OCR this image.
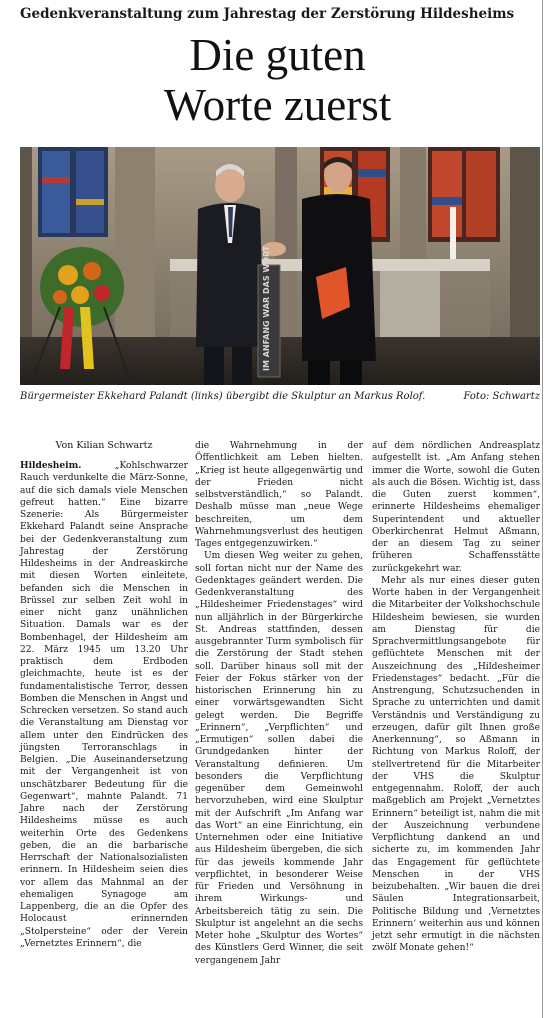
Gedenkveranstaltung zum Jahrestag der Zerstörung Hildesheims
Die guten
Worte zuerst
IM ANFANG WAR DAS WORT
Bürgermeister Ekkehard Palandt (links) übergibt die Skulptur an Markus Rolof.	Foto: Schwartz
Von Kilian Schwartz

Hildesheim.	„Kohlschwarzer Rauch verdunkelte die März-Sonne, auf die sich damals viele Menschen gefreut hatten.“ Eine bizarre Szenerie: Als Bürgermeister Ekkehard Palandt seine Ansprache bei der Gedenkveranstaltung zum Jahrestag der Zerstörung Hildesheims in der Andreaskirche mit diesen Worten einleitete, befanden sich die Menschen in Brüssel zur selben Zeit wohl in einer nicht ganz unähnlichen Situation. Damals war es der Bombenhagel, der Hildesheim am 22. März 1945 um 13.20 Uhr praktisch dem Erdboden gleichmachte, heute ist es der fundamentalistische Terror, dessen Bomben die Menschen in Angst und Schrecken versetzen. So stand auch die Veranstaltung am Dienstag vor allem unter den Eindrücken des jüngsten Terroranschlags in Belgien. „Die Auseinandersetzung mit der Vergangenheit ist von unschätzbarer Bedeutung für die Gegenwart“, mahnte Palandt. 71 Jahre nach der Zerstörung Hildesheims müsse es auch weiterhin Orte des Gedenkens geben, die an die barbarische Herrschaft der Nationalsozialisten erinnern. In Hildesheim seien dies vor allem das Mahnmal an der ehemaligen Synagoge am Lappenberg, die an die Opfer des Holocaust erinnernden „Stolpersteine“ oder der Verein „Vernetztes Erinnern“, die

die Wahrnehmung in der Öffentlichkeit am Leben hielten. „Krieg ist heute allgegenwärtig und der Frieden nicht selbstverständlich,“ so Palandt. Deshalb müsse man „neue Wege beschreiten, um dem Wahrnehmungsverlust des heutigen Tages entgegenzuwirken.“

Um diesen Weg weiter zu gehen, soll fortan nicht nur der Name des Gedenktages geändert werden. Die Gedenkveranstaltung des „Hildesheimer Friedenstages“ wird nun alljährlich in der Bürgerkirche St. Andreas stattfinden, dessen ausgebrannter Turm symbolisch für die Zerstörung der Stadt stehen soll. Darüber hinaus soll mit der Feier der Fokus stärker von der historischen Erinnerung hin zu einer vorwärtsgewandten Sicht gelegt werden. Die Begriffe „Erinnern“, „Verpflichten“ und „Ermutigen“ sollen dabei die Grundgedanken hinter der Veranstaltung definieren. Um besonders die Verpflichtung gegenüber dem Gemeinwohl hervorzuheben, wird eine Skulptur mit der Aufschrift „Im Anfang war das Wort“ an eine Einrichtung, ein Unternehmen oder eine Initiative aus Hildesheim übergeben, die sich für das jeweils kommende Jahr verpflichtet, in besonderer Weise für Frieden und Versöhnung in ihrem Wirkungs- und Arbeitsbereich tätig zu sein. Die Skulptur ist angelehnt an die sechs Meter hohe „Skulptur des Wortes“ des Künstlers Gerd Winner, die seit vergangenem Jahr

auf dem nördlichen Andreasplatz aufgestellt ist. „Am Anfang stehen immer die Worte, sowohl die Guten als auch die Bösen. Wichtig ist, dass die Guten zuerst kommen“, erinnerte Hildesheims ehemaliger Superintendent und aktueller Oberkirchenrat Helmut Aßmann, der an diesem Tag zu seiner früheren Schaffensstätte zurückgekehrt war.

Mehr als nur eines dieser guten Worte haben in der Vergangenheit die Mitarbeiter der Volkshochschule Hildesheim bewiesen, sie wurden am Dienstag für die Sprachvermittlungsangebote für geflüchtete Menschen mit der Auszeichnung des „Hildesheimer Friedenstages“ bedacht. „Für die Anstrengung, Schutzsuchenden in Sprache zu unterrichten und damit Verständnis und Verständigung zu erzeugen, dafür gilt Ihnen große Anerkennung“, so Aßmann in Richtung von Markus Roloff, der stellvertretend für die Mitarbeiter der VHS die Skulptur entgegennahm. Roloff, der auch maßgeblich am Projekt „Vernetztes Erinnern“ beteiligt ist, nahm die mit der Auszeichnung verbundene Verpflichtung dankend an und sicherte zu, im kommenden Jahr das Engagement für geflüchtete Menschen in der VHS beizubehalten. „Wir bauen die drei Säulen Integrationsarbeit, Politische Bildung und ‚Vernetztes Erinnern‘ weiterhin aus und können jetzt sehr ermutigt in die nächsten zwölf Monate gehen!“
